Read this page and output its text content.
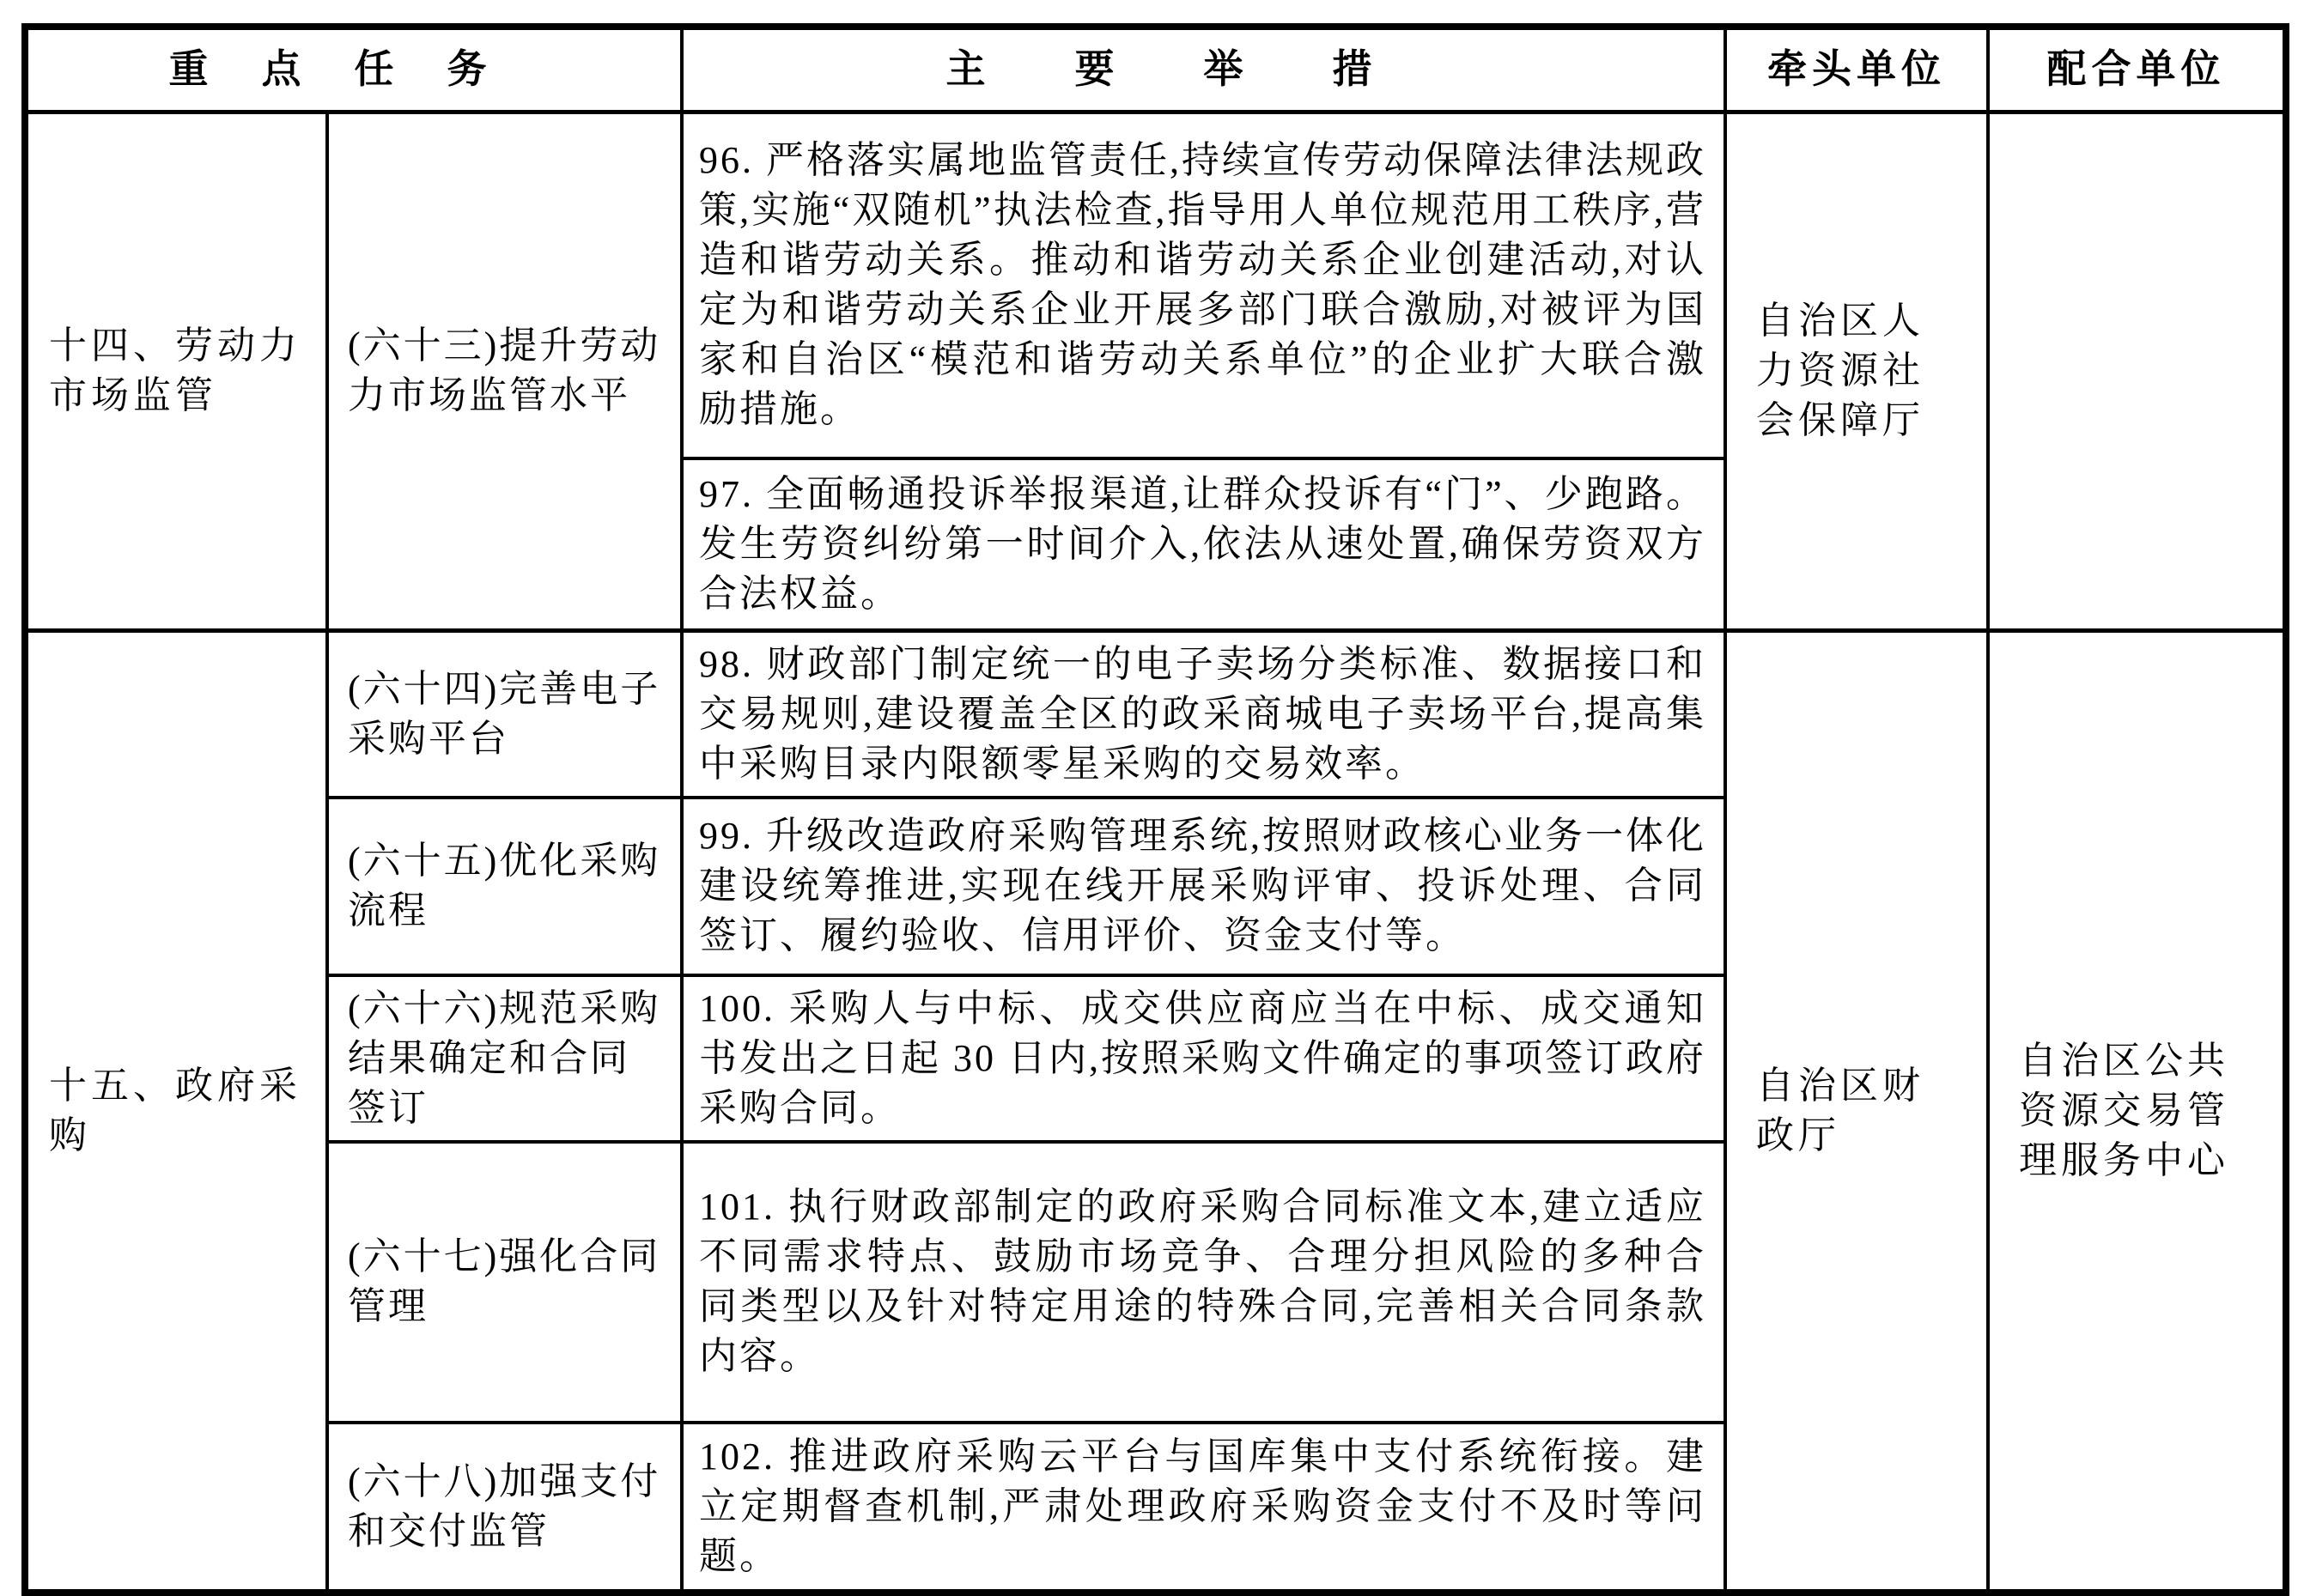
重点任务		主要举措	牵头单位	配合单位
十四、劳动力市场监管	(六十三)提升劳动力市场监管水平	96. 严格落实属地监管责任,持续宣传劳动保障法律法规政策,实施“双随机”执法检查,指导用人单位规范用工秩序,营造和谐劳动关系。推动和谐劳动关系企业创建活动,对认定为和谐劳动关系企业开展多部门联合激励,对被评为国家和自治区“模范和谐劳动关系单位”的企业扩大联合激励措施。	自治区人力资源社会保障厅	
		97. 全面畅通投诉举报渠道,让群众投诉有“门”、少跑路。发生劳资纠纷第一时间介入,依法从速处置,确保劳资双方合法权益。		
十五、政府采购	(六十四)完善电子采购平台	98. 财政部门制定统一的电子卖场分类标准、数据接口和交易规则,建设覆盖全区的政采商城电子卖场平台,提高集中采购目录内限额零星采购的交易效率。	自治区财政厅	自治区公共资源交易管理服务中心
	(六十五)优化采购流程	99. 升级改造政府采购管理系统,按照财政核心业务一体化建设统筹推进,实现在线开展采购评审、投诉处理、合同签订、履约验收、信用评价、资金支付等。		
	(六十六)规范采购结果确定和合同签订	100. 采购人与中标、成交供应商应当在中标、成交通知书发出之日起 30 日内,按照采购文件确定的事项签订政府采购合同。		
	(六十七)强化合同管理	101. 执行财政部制定的政府采购合同标准文本,建立适应不同需求特点、鼓励市场竞争、合理分担风险的多种合同类型以及针对特定用途的特殊合同,完善相关合同条款内容。		
	(六十八)加强支付和交付监管	102. 推进政府采购云平台与国库集中支付系统衔接。建立定期督查机制,严肃处理政府采购资金支付不及时等问题。		
